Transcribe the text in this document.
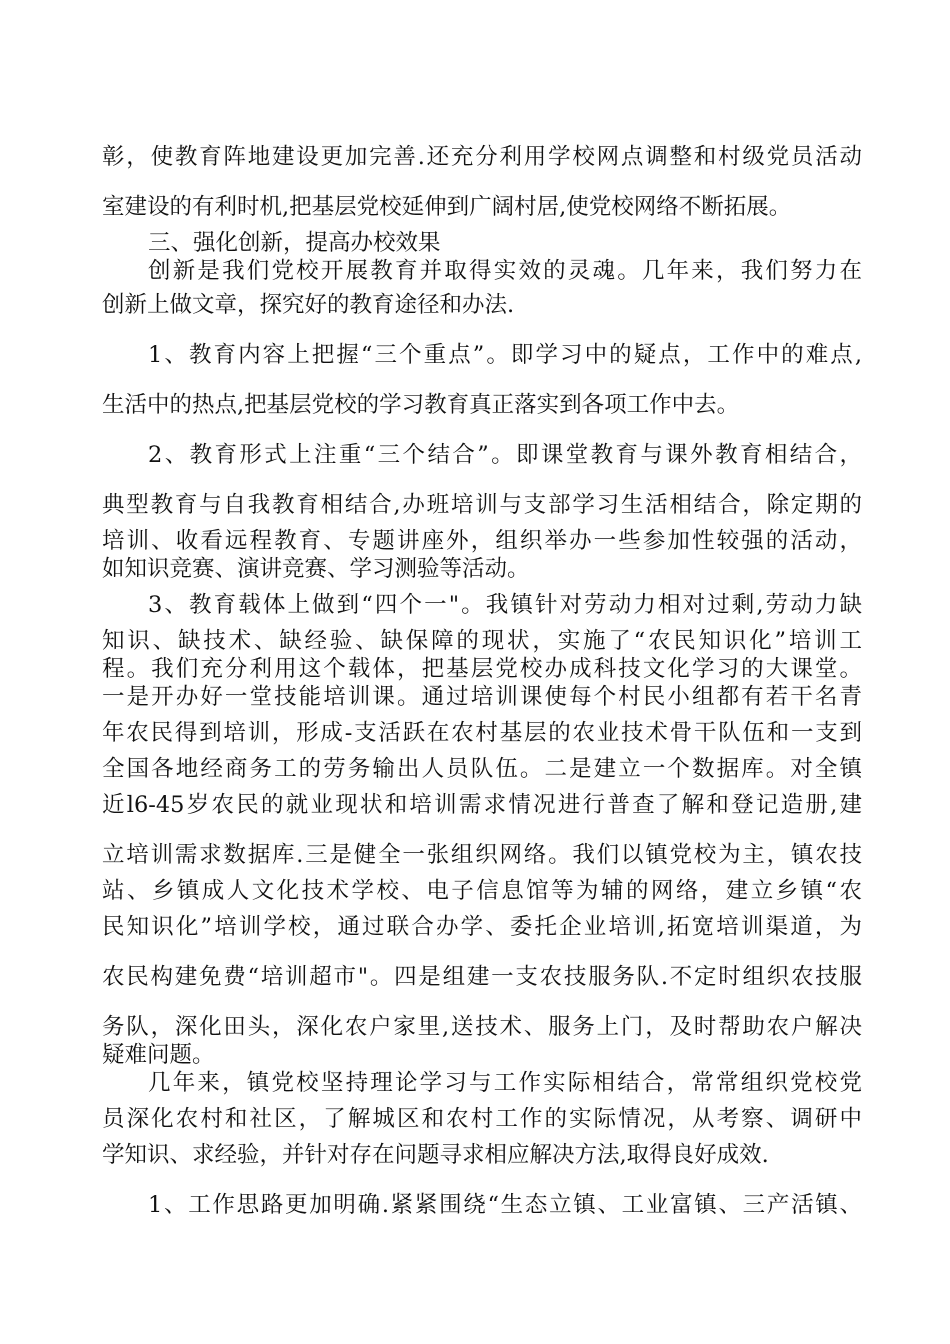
彰，使教育阵地建设更加完善.还充分利用学校网点调整和村级党员活动

室建设的有利时机,把基层党校延伸到广阔村居,使党校网络不断拓展。

三、强化创新，提高办校效果

创新是我们党校开展教育并取得实效的灵魂。几年来，我们努力在

创新上做文章，探究好的教育途径和办法.

1、教育内容上把握“三个重点”。即学习中的疑点，工作中的难点,

生活中的热点,把基层党校的学习教育真正落实到各项工作中去。

2、教育形式上注重“三个结合”。即课堂教育与课外教育相结合，

典型教育与自我教育相结合,办班培训与支部学习生活相结合，除定期的

培训、收看远程教育、专题讲座外，组织举办一些参加性较强的活动，

如知识竞赛、演讲竞赛、学习测验等活动。

3、教育载体上做到“四个一"。我镇针对劳动力相对过剩,劳动力缺

知识、缺技术、缺经验、缺保障的现状，实施了“农民知识化”培训工

程。我们充分利用这个载体，把基层党校办成科技文化学习的大课堂。

一是开办好一堂技能培训课。通过培训课使每个村民小组都有若干名青

年农民得到培训，形成-支活跃在农村基层的农业技术骨干队伍和一支到

全国各地经商务工的劳务输出人员队伍。二是建立一个数据库。对全镇

近l6-45岁农民的就业现状和培训需求情况进行普查了解和登记造册,建

立培训需求数据库.三是健全一张组织网络。我们以镇党校为主，镇农技

站、乡镇成人文化技术学校、电子信息馆等为辅的网络，建立乡镇“农

民知识化”培训学校，通过联合办学、委托企业培训,拓宽培训渠道，为

农民构建免费“培训超市"。四是组建一支农技服务队.不定时组织农技服

务队，深化田头，深化农户家里,送技术、服务上门，及时帮助农户解决

疑难问题。

几年来，镇党校坚持理论学习与工作实际相结合，常常组织党校党

员深化农村和社区，了解城区和农村工作的实际情况，从考察、调研中

学知识、求经验，并针对存在问题寻求相应解决方法,取得良好成效.

1、工作思路更加明确.紧紧围绕“生态立镇、工业富镇、三产活镇、
